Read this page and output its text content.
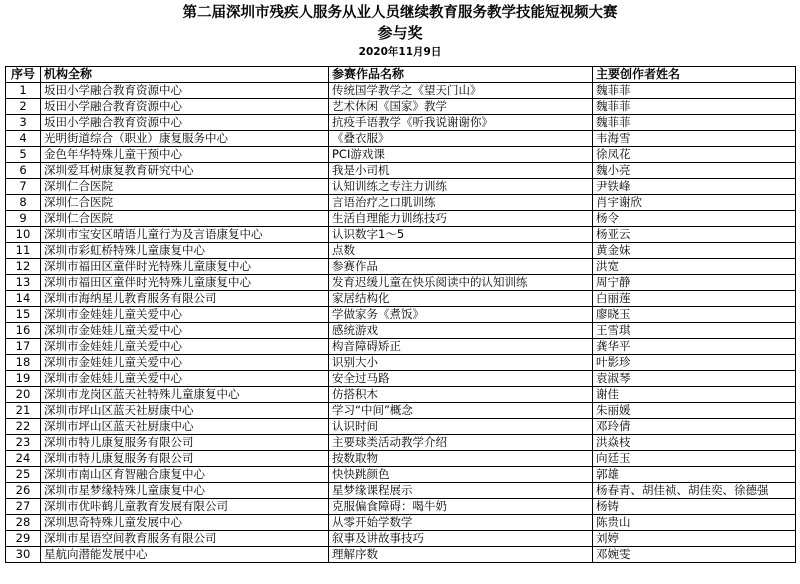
第二届深圳市残疾人服务从业人员继续教育服务教学技能短视频大赛
参与奖
2020年11月9日
序号	机构全称	参赛作品名称	主要创作者姓名
1	坂田小学融合教育资源中心	传统国学教学之《望天门山》	魏菲菲
2	坂田小学融合教育资源中心	艺术休闲《国家》教学	魏菲菲
3	坂田小学融合教育资源中心	抗疫手语教学《听我说谢谢你》	魏菲菲
4	光明街道综合（职业）康复服务中心	《叠衣服》	韦海雪
5	金色年华特殊儿童干预中心	PCI游戏课	徐凤花
6	深圳爱耳树康复教育研究中心	我是小司机	魏小亮
7	深圳仁合医院	认知训练之专注力训练	尹铁峰
8	深圳仁合医院	言语治疗之口肌训练	肖宇谢欣
9	深圳仁合医院	生活自理能力训练技巧	杨令
10	深圳市宝安区晴语儿童行为及言语康复中心	认识数字1～5	杨亚云
11	深圳市彩虹桥特殊儿童康复中心	点数	黄金妹
12	深圳市福田区童伴时光特殊儿童康复中心	参赛作品	洪宽
13	深圳市福田区童伴时光特殊儿童康复中心	发育迟缓儿童在快乐阅读中的认知训练	周宁静
14	深圳市海纳星儿教育服务有限公司	家居结构化	白丽莲
15	深圳市金娃娃儿童关爱中心	学做家务《煮饭》	廖晓玉
16	深圳市金娃娃儿童关爱中心	感统游戏	王雪琪
17	深圳市金娃娃儿童关爱中心	构音障碍矫正	龚华平
18	深圳市金娃娃儿童关爱中心	识别大小	叶影珍
19	深圳市金娃娃儿童关爱中心	安全过马路	袁淑琴
20	深圳市龙岗区蓝天社特殊儿童康复中心	仿搭积木	谢佳
21	深圳市坪山区蓝天社厨康中心	学习“中间”概念	朱丽媛
22	深圳市坪山区蓝天社厨康中心	认识时间	邓玲倩
23	深圳市特儿康复服务有限公司	主要球类活动教学介绍	洪焱枝
24	深圳市特儿康复服务有限公司	按数取物	向廷玉
25	深圳市南山区育智融合康复中心	快快跳颜色	郭雄
26	深圳市星梦缘特殊儿童康复中心	星梦缘课程展示	杨春青、胡佳祯、胡佳奕、徐德强
27	深圳市优咔鹤儿童教育发展有限公司	克服偏食障碍：喝牛奶	杨铸
28	深圳思奇特殊儿童发展中心	从零开始学数学	陈贵山
29	深圳市星语空间教育服务有限公司	叙事及讲故事技巧	刘婷
30	星航向潜能发展中心	理解序数	邓婉雯
